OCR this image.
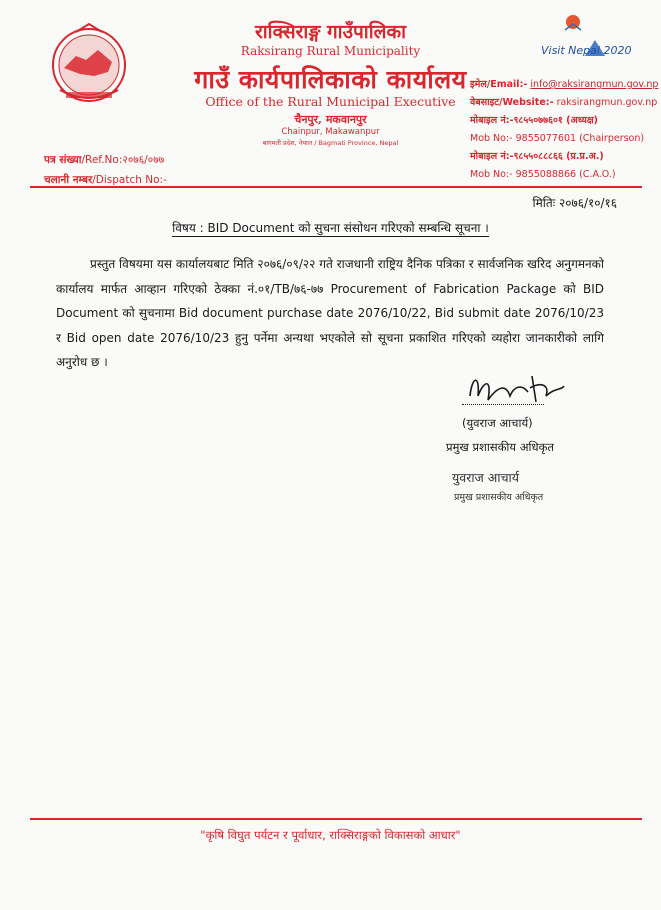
Visit Nepal 2020
राक्सिराङ्ग गाउँपालिका
Raksirang Rural Municipality
गाउँ कार्यपालिकाको कार्यालय
Office of the Rural Municipal Executive
चैनपुर, मकवानपुर
Chainpur, Makawanpur
बागमती प्रदेश, नेपाल / Bagmati Province, Nepal
इमेल/Email:- info@raksirangmun.gov.np
वेबसाइट/Website:- raksirangmun.gov.np
मोबाइल नं:-९८५५०७७६०१ (अध्यक्ष)
Mob No:- 9855077601 (Chairperson)
मोबाइल नं:-९८५५०८८८६६ (प्र.प्र.अ.)
Mob No:- 9855088866 (C.A.O.)
पत्र संख्या/Ref.No:२०७६/०७७
चलानी नम्बर/Dispatch No:-
मितिः २०७६/१०/१६
विषय : BID Document को सुचना संसोधन गरिएको सम्बन्धि सूचना ।
प्रस्तुत विषयमा यस कार्यालयबाट मिति २०७६/०९/२२ गते राजधानी राष्ट्रिय दैनिक पत्रिका र सार्वजनिक खरिद अनुगमनको कार्यालय मार्फत आव्हान गरिएको ठेक्का नं.०१/TB/७६-७७ Procurement of Fabrication Package को BID Document को सुचनामा Bid document purchase date 2076/10/22, Bid submit date 2076/10/23 र Bid open date 2076/10/23 हुनु पर्नेमा अन्यथा भएकोले सो सूचना प्रकाशित गरिएको व्यहोरा जानकारीको लागि अनुरोध छ ।
(युवराज आचार्य)
प्रमुख प्रशासकीय अधिकृत
युवराज आचार्य
प्रमुख प्रशासकीय अधिकृत
"कृषि विघुत पर्यटन र पूर्वाधार, राक्सिराङ्गको विकासको आधार"
